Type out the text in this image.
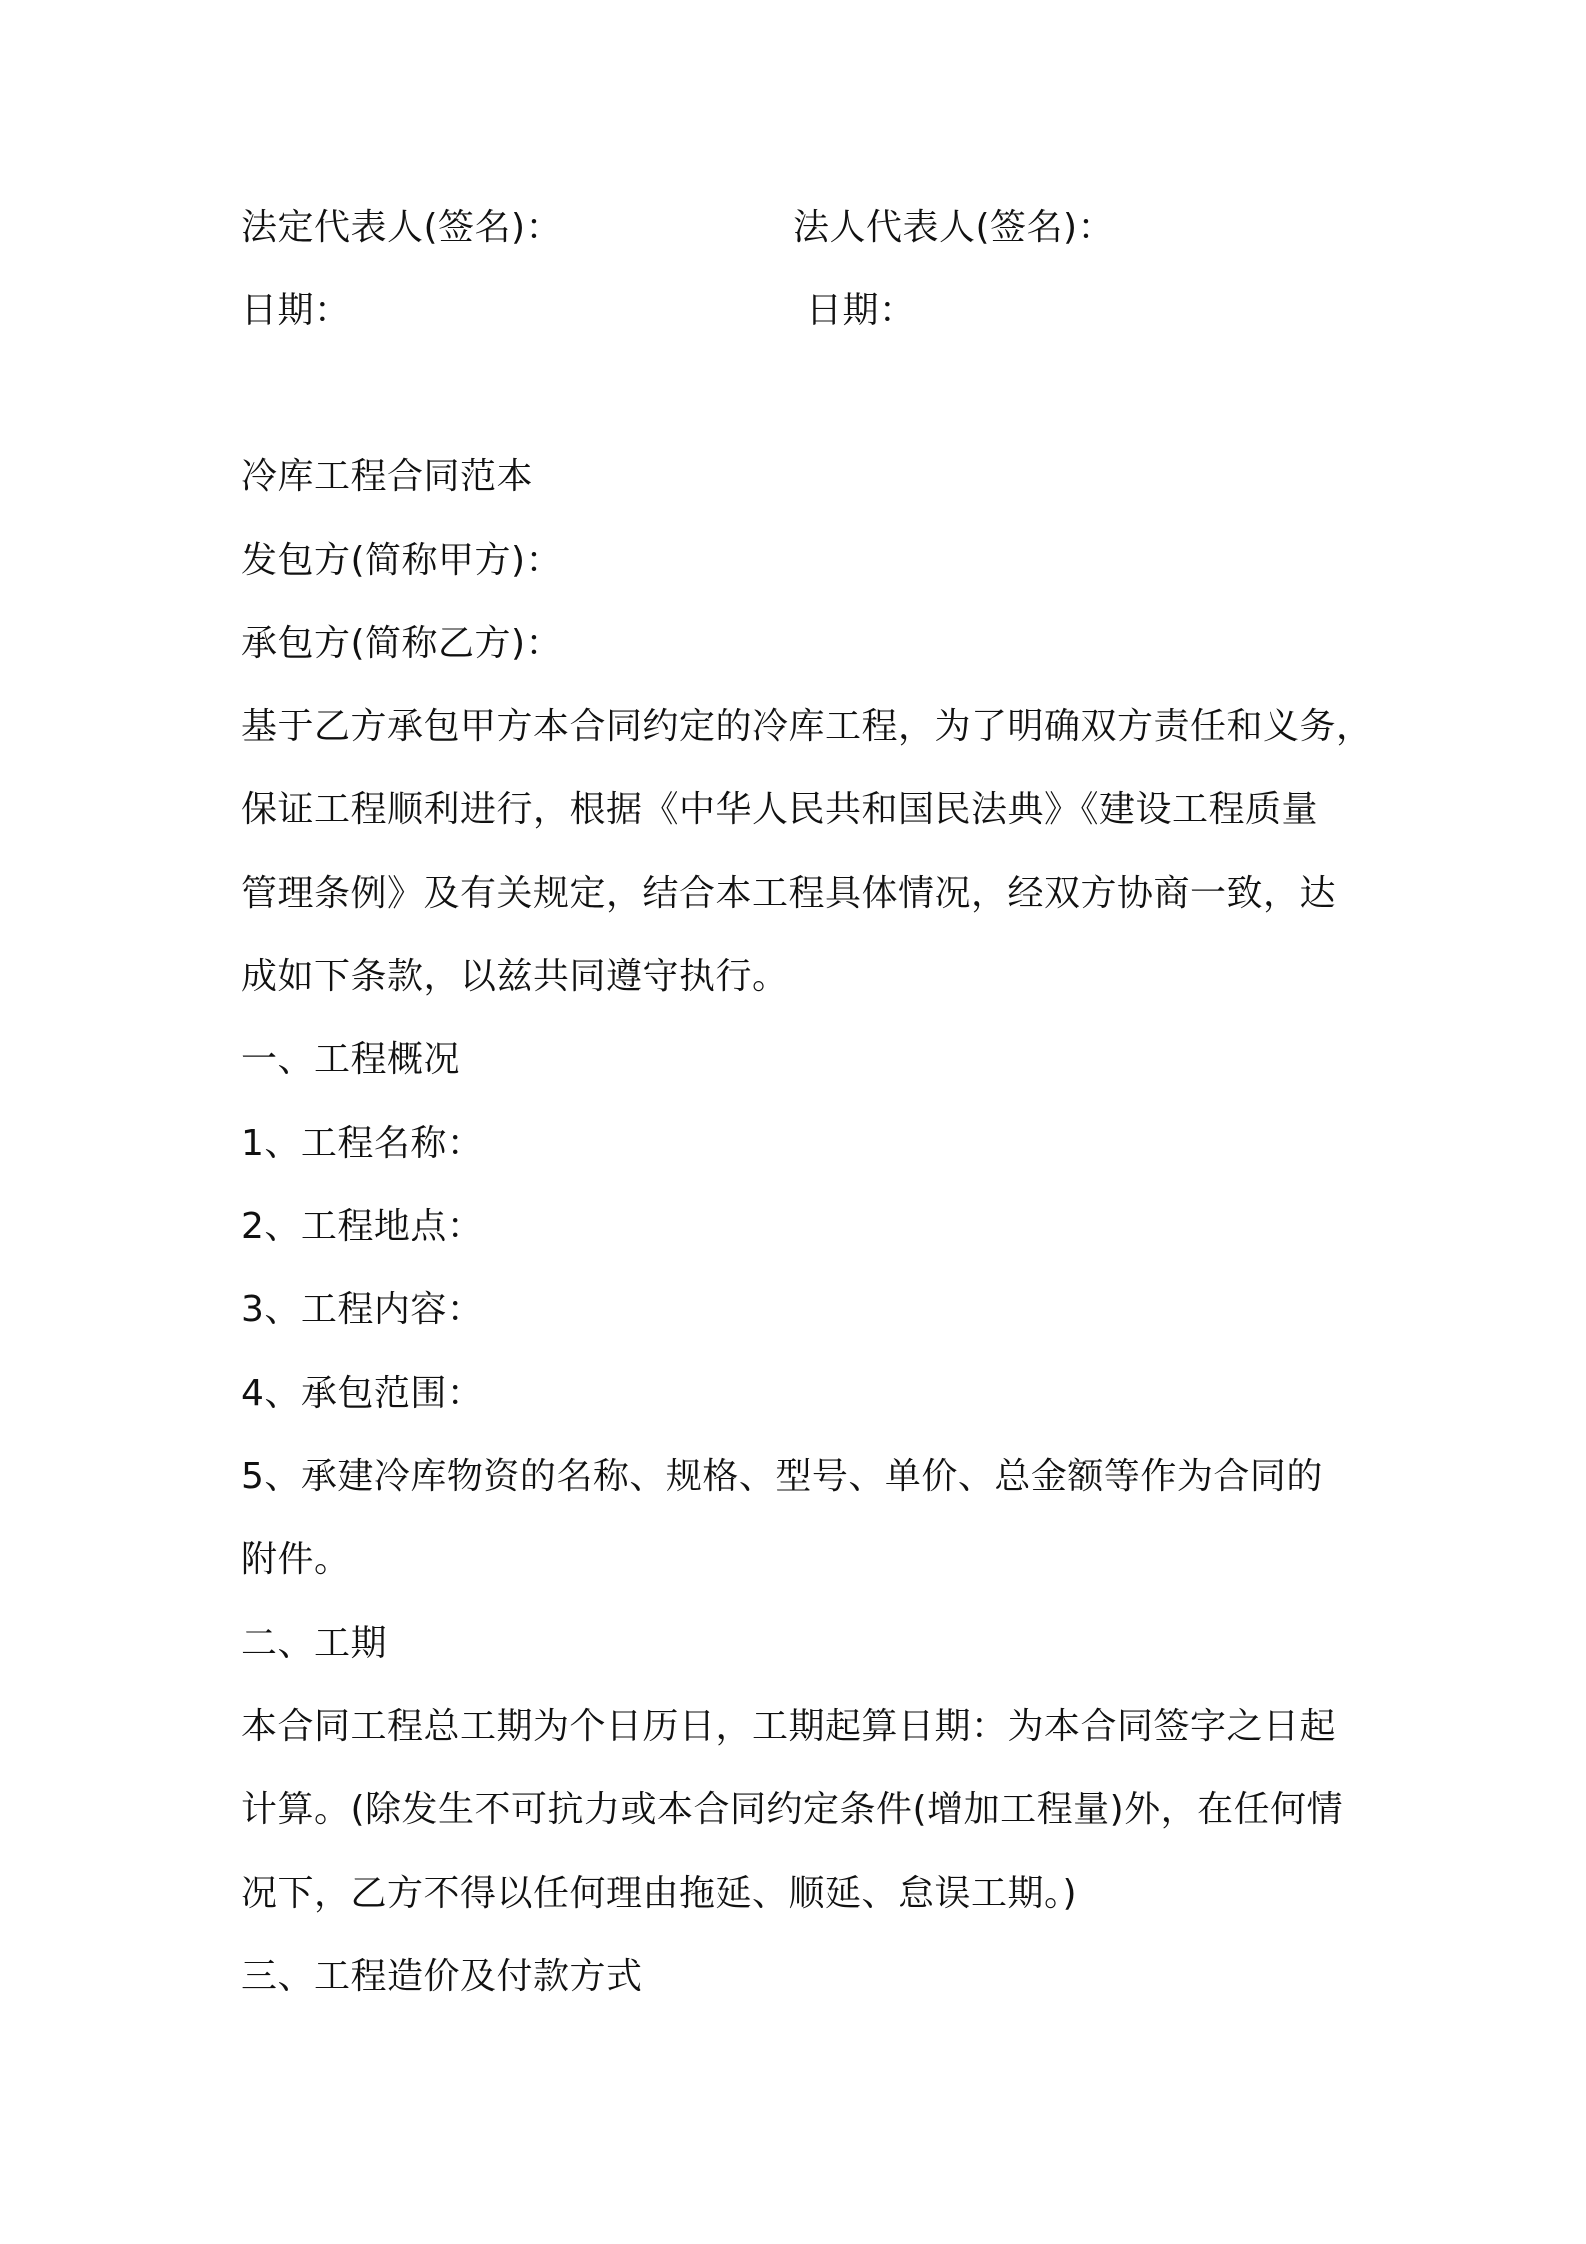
法定代表人(签名)：	法人代表人(签名)：
日期：	日期：
冷库工程合同范本
发包方(简称甲方)：
承包方(简称乙方)：
基于乙方承包甲方本合同约定的冷库工程，为了明确双方责任和义务，
保证工程顺利进行，根据《中华人民共和国民法典》《建设工程质量
管理条例》及有关规定，结合本工程具体情况，经双方协商一致，达
成如下条款，以兹共同遵守执行。
一、工程概况
1、工程名称：
2、工程地点：
3、工程内容：
4、承包范围：
5、承建冷库物资的名称、规格、型号、单价、总金额等作为合同的
附件。
二、工期
本合同工程总工期为个日历日，工期起算日期：为本合同签字之日起
计算。(除发生不可抗力或本合同约定条件(增加工程量)外，在任何情
况下，乙方不得以任何理由拖延、顺延、怠误工期。)
三、工程造价及付款方式
